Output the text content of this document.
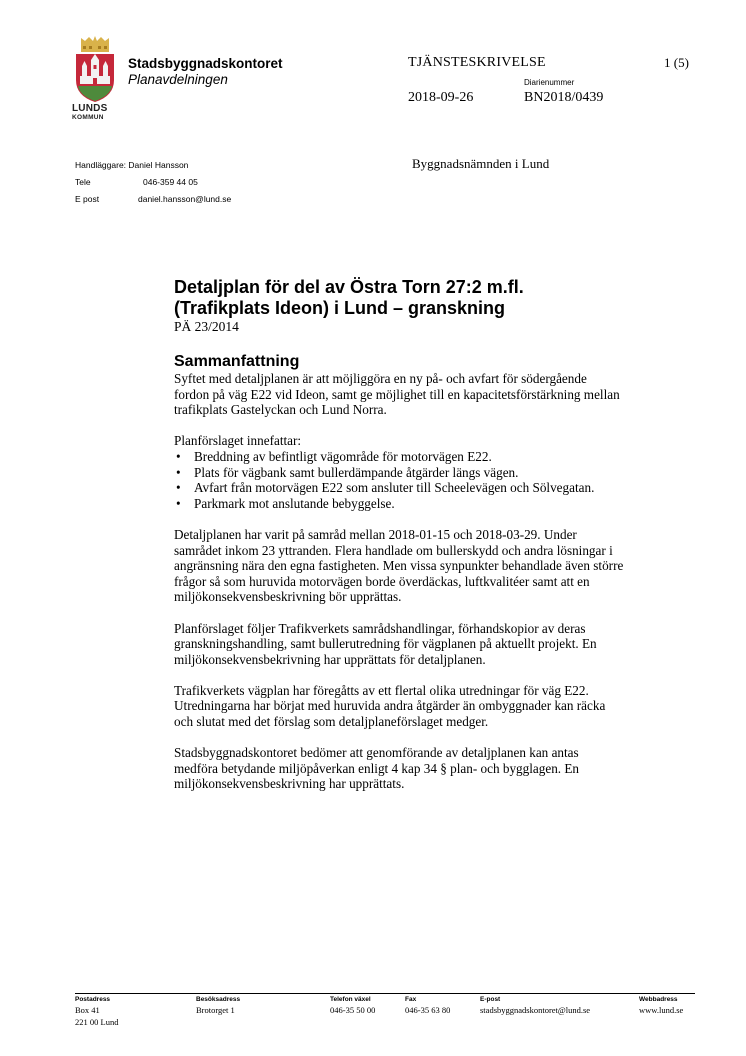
LUNDS
KOMMUN
Stadsbyggnadskontoret
Planavdelningen
TJÄNSTESKRIVELSE	1 (5)
Diarienummer
2018-09-26	BN2018/0439
Handläggare: Daniel Hansson
Tele	046-359 44 05
E post	daniel.hansson@lund.se
Byggnadsnämnden i Lund

Detaljplan för del av Östra Torn 27:2 m.fl.

(Trafikplats Ideon) i Lund – granskning

PÄ 23/2014

Sammanfattning

Syftet med detaljplanen är att möjliggöra en ny på- och avfart för södergående fordon på väg E22 vid Ideon, samt ge möjlighet till en kapacitetsförstärkning mellan trafikplats Gastelyckan och Lund Norra.

Planförslaget innefattar:

• Breddning av befintligt vägområde för motorvägen E22.
• Plats för vägbank samt bullerdämpande åtgärder längs vägen.
• Avfart från motorvägen E22 som ansluter till Scheelevägen och Sölvegatan.
• Parkmark mot anslutande bebyggelse.

Detaljplanen har varit på samråd mellan 2018-01-15 och 2018-03-29. Under samrådet inkom 23 yttranden. Flera handlade om bullerskydd och andra lösningar i angränsning nära den egna fastigheten. Men vissa synpunkter behandlade även större frågor så som huruvida motorvägen borde överdäckas, luftkvalitéer samt att en miljökonsekvensbeskrivning bör upprättas.

Planförslaget följer Trafikverkets samrådshandlingar, förhandskopior av deras granskningshandling, samt bullerutredning för vägplanen på aktuellt projekt. En miljökonsekvensbekrivning har upprättats för detaljplanen.

Trafikverkets vägplan har föregåtts av ett flertal olika utredningar för väg E22. Utredningarna har börjat med huruvida andra åtgärder än ombyggnader kan räcka och slutat med det förslag som detaljplaneförslaget medger.

Stadsbyggnadskontoret bedömer att genomförande av detaljplanen kan antas medföra betydande miljöpåverkan enligt 4 kap 34 § plan- och bygglagen. En miljökonsekvensbeskrivning har upprättats.

Postadress
Box 41
221 00 Lund
Besöksadress
Brotorget 1
Telefon växel
046-35 50 00
Fax
046-35 63 80
E-post
stadsbyggnadskontoret@lund.se
Webbadress
www.lund.se
